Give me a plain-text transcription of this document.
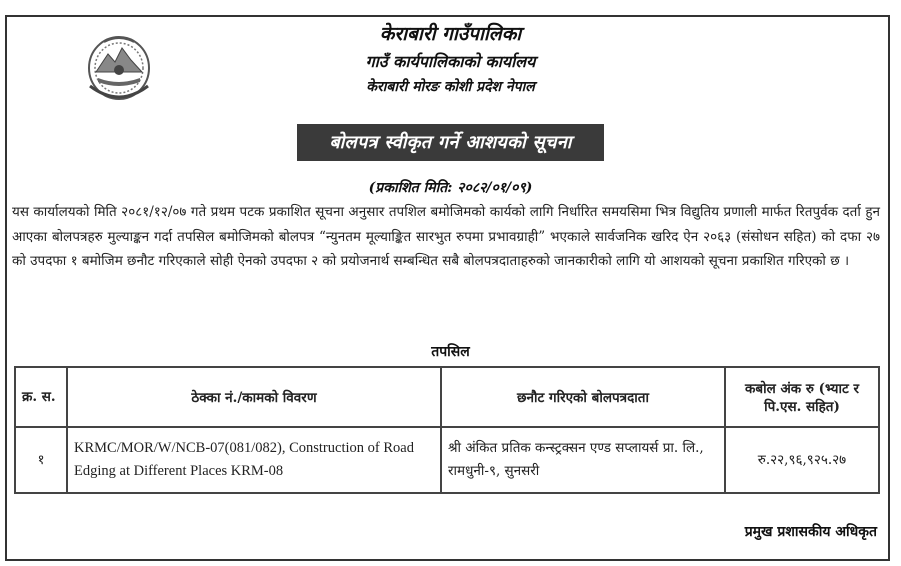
केराबारी गाउँपालिका
गाउँ कार्यपालिकाको कार्यालय
केराबारी मोरङ कोशी प्रदेश नेपाल
बोलपत्र स्वीकृत गर्ने आशयको सूचना
(प्रकाशित मिति: २०८२/०१/०९)
यस कार्यालयको मिति २०८१/१२/०७ गते प्रथम पटक प्रकाशित सूचना अनुसार तपशिल बमोजिमको कार्यको लागि निर्धारित समयसिमा भित्र विद्युतिय प्रणाली मार्फत रितपुर्वक दर्ता हुन आएका बोलपत्रहरु मुल्याङ्कन गर्दा तपसिल बमोजिमको बोलपत्र “न्युनतम मूल्याङ्कित सारभुत रुपमा प्रभावग्राही” भएकाले सार्वजनिक खरिद ऐन २०६३ (संसोधन सहित) को दफा २७ को उपदफा १ बमोजिम छनौट गरिएकाले सोही ऐनको उपदफा २ को प्रयोजनार्थ सम्बन्धित सबै बोलपत्रदाताहरुको जानकारीको लागि यो आशयको सूचना प्रकाशित गरिएको छ ।
तपसिल
क्र. स.	ठेक्का नं./कामको विवरण	छनौट गरिएको बोलपत्रदाता	कबोल अंक रु (भ्याट र पि.एस. सहित)
१	KRMC/MOR/W/NCB-07(081/082), Construction of Road Edging at Different Places KRM-08	श्री अंकित प्रतिक कन्स्ट्रक्सन एण्ड सप्लायर्स प्रा. लि., रामधुनी-९, सुनसरी	रु.२२,९६,९२५.२७
प्रमुख प्रशासकीय अधिकृत
